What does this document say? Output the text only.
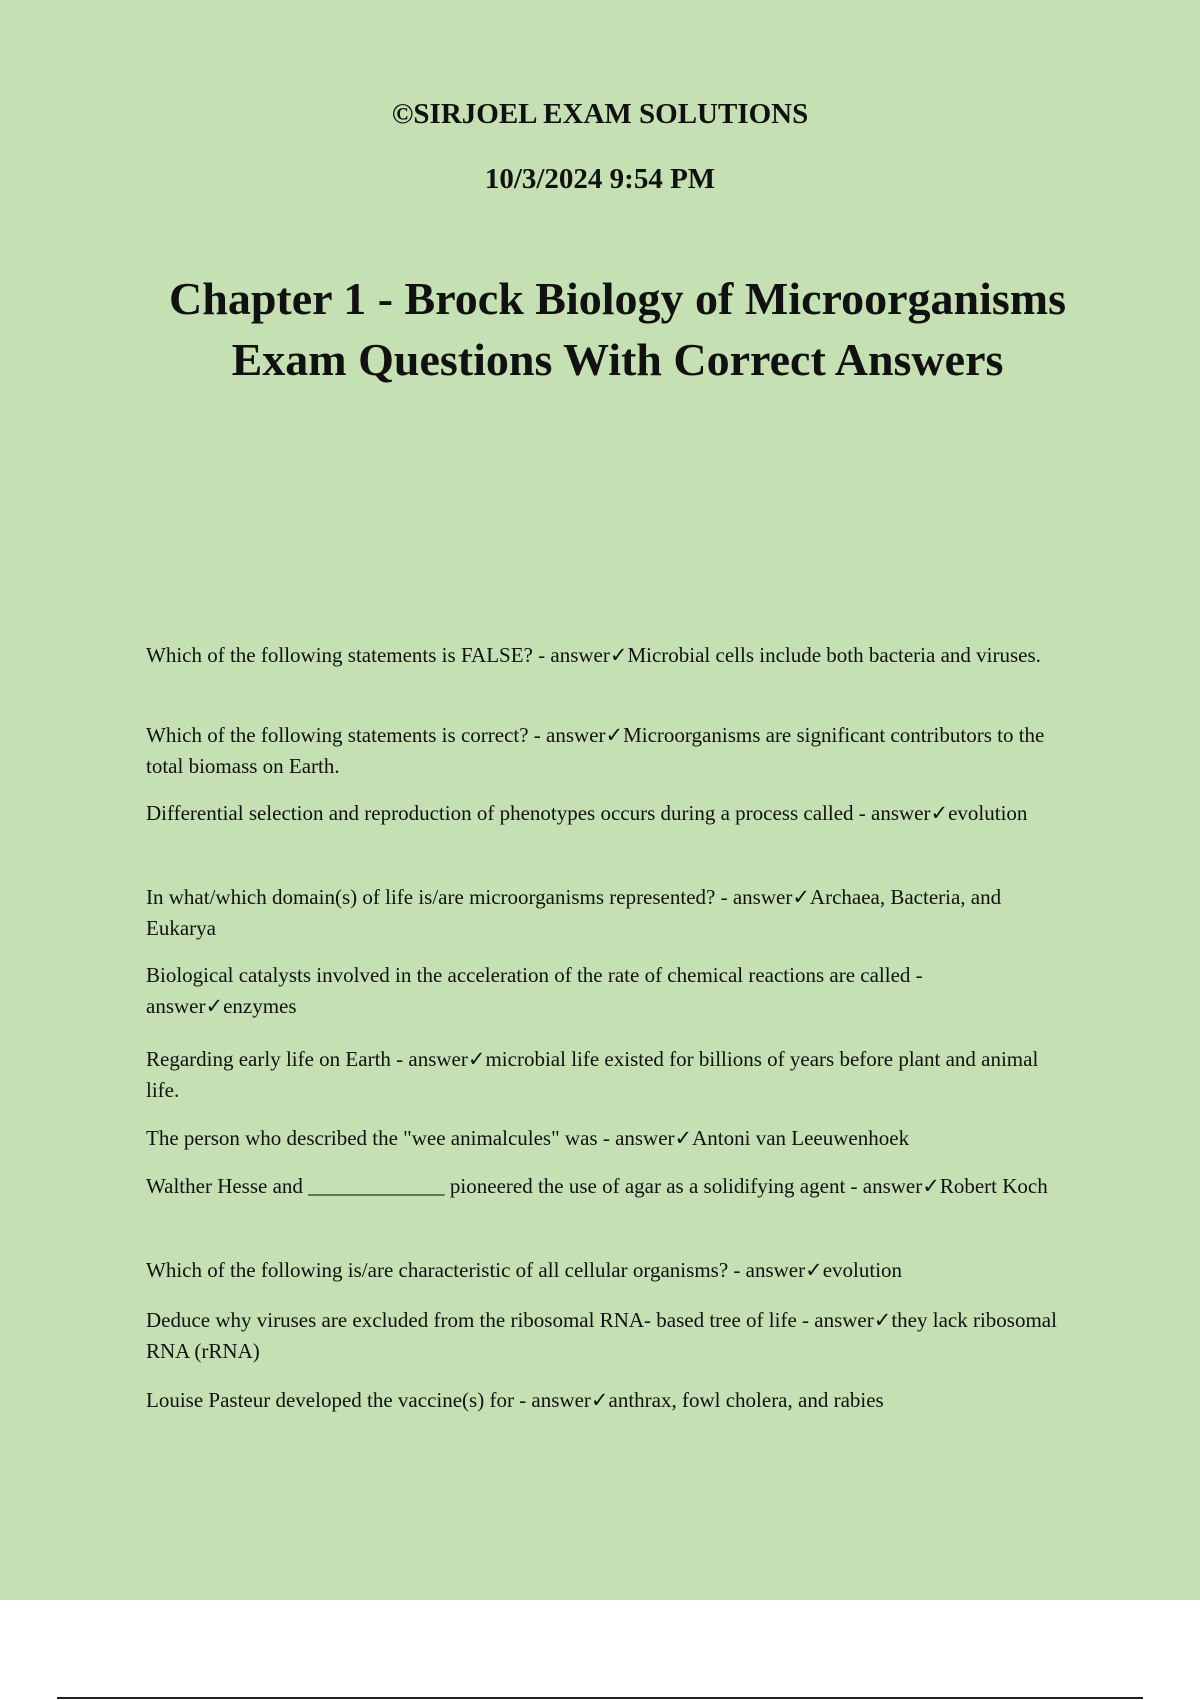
©SIRJOEL EXAM SOLUTIONS

10/3/2024 9:54 PM

Chapter 1 - Brock Biology of Microorganisms Exam Questions With Correct Answers
Which of the following statements is FALSE? - answer✓Microbial cells include both bacteria and viruses.
Which of the following statements is correct? - answer✓Microorganisms are significant contributors to the total biomass on Earth.
Differential selection and reproduction of phenotypes occurs during a process called - answer✓evolution
In what/which domain(s) of life is/are microorganisms represented? - answer✓Archaea, Bacteria, and Eukarya
Biological catalysts involved in the acceleration of the rate of chemical reactions are called - answer✓enzymes
Regarding early life on Earth - answer✓microbial life existed for billions of years before plant and animal life.
The person who described the "wee animalcules" was - answer✓Antoni van Leeuwenhoek
Walther Hesse and _____________ pioneered the use of agar as a solidifying agent - answer✓Robert Koch
Which of the following is/are characteristic of all cellular organisms? - answer✓evolution
Deduce why viruses are excluded from the ribosomal RNA- based tree of life - answer✓they lack ribosomal RNA (rRNA)
Louise Pasteur developed the vaccine(s) for - answer✓anthrax, fowl cholera, and rabies
